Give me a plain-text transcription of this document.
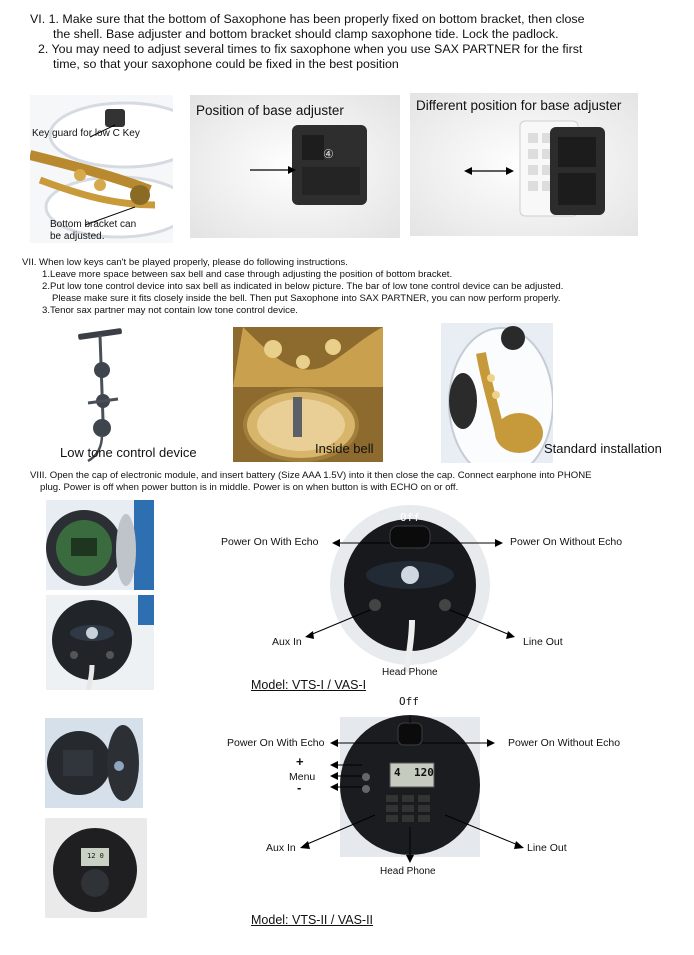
VI. 1. Make sure that the bottom of Saxophone has been properly fixed on bottom bracket, then close

the shell. Base adjuster and bottom bracket should clamp saxophone tide. Lock the padlock.

2. You may need to adjust several times to fix saxophone when you use SAX PARTNER for the first

time, so that your saxophone could be fixed in the best position

Key guard for low C Key
Bottom bracket can
be adjusted.
Position of base adjuster
④
Different position for base adjuster

VII. When low keys can't be played properly, please do following instructions.

1.Leave more space between sax bell and case through adjusting the position of bottom bracket.

2.Put low tone control device into sax bell as indicated in below picture. The bar of low tone control device can be adjusted.

Please make sure it fits closely inside the bell. Then put Saxophone into SAX PARTNER, you can now perform properly.

3.Tenor sax partner may not contain low tone control device.

Low tone control device	Inside bell	Standard installation

VIII. Open the cap of electronic module, and insert battery (Size AAA 1.5V) into it then close the cap. Connect earphone into PHONE

plug. Power is off when power button is in middle. Power is on when button is with ECHO on or off.

12 0
Off
Power On With Echo	Power On Without Echo
Aux In	Line Out
Head Phone
Model: VTS-I / VAS-I
Off
Power On With Echo	Power On Without Echo
+
Menu
-
4 120
Aux In	Line Out
Head Phone
Model: VTS-II / VAS-II
